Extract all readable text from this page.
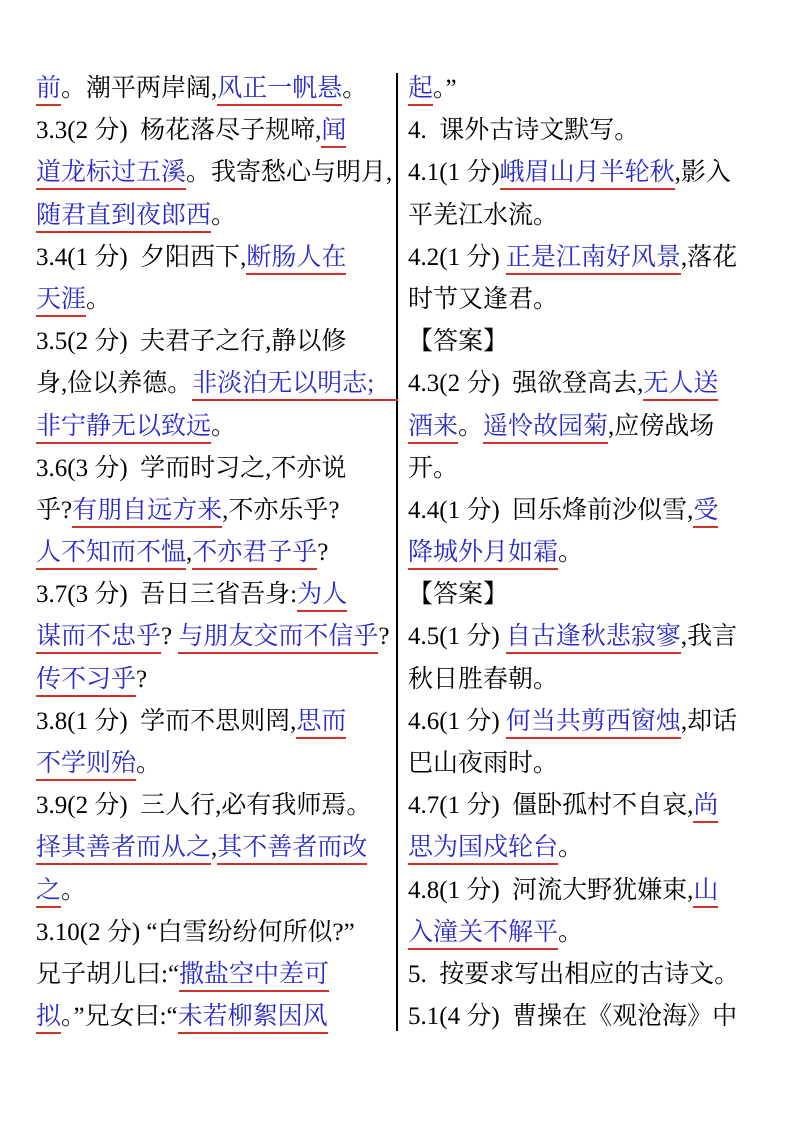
前。潮平两岸阔,风正一帆悬。
3.3(2 分)  杨花落尽子规啼,闻
道龙标过五溪。我寄愁心与明月,
随君直到夜郎西。
3.4(1 分)  夕阳西下,断肠人在
天涯。
3.5(2 分)  夫君子之行,静以修
身,俭以养德。非淡泊无以明志;
非宁静无以致远。
3.6(3 分)  学而时习之,不亦说
乎?有朋自远方来,不亦乐乎?
人不知而不愠,不亦君子乎?
3.7(3 分)  吾日三省吾身:为人
谋而不忠乎? 与朋友交而不信乎?
传不习乎?
3.8(1 分)  学而不思则罔,思而
不学则殆。
3.9(2 分)  三人行,必有我师焉。
择其善者而从之,其不善者而改
之。
3.10(2 分) “白雪纷纷何所似?”
兄子胡儿曰:“撒盐空中差可
拟。”兄女曰:“未若柳絮因风
起。”
4.  课外古诗文默写。
4.1(1 分)峨眉山月半轮秋,影入
平羌江水流。
4.2(1 分) 正是江南好风景,落花
时节又逢君。
【答案】
4.3(2 分)  强欲登高去,无人送
酒来。遥怜故园菊,应傍战场
开。
4.4(1 分)  回乐烽前沙似雪,受
降城外月如霜。
【答案】
4.5(1 分) 自古逢秋悲寂寥,我言
秋日胜春朝。
4.6(1 分) 何当共剪西窗烛,却话
巴山夜雨时。
4.7(1 分)  僵卧孤村不自哀,尚
思为国戍轮台。
4.8(1 分)  河流大野犹嫌束,山
入潼关不解平。
5.  按要求写出相应的古诗文。
5.1(4 分)  曹操在《观沧海》中
